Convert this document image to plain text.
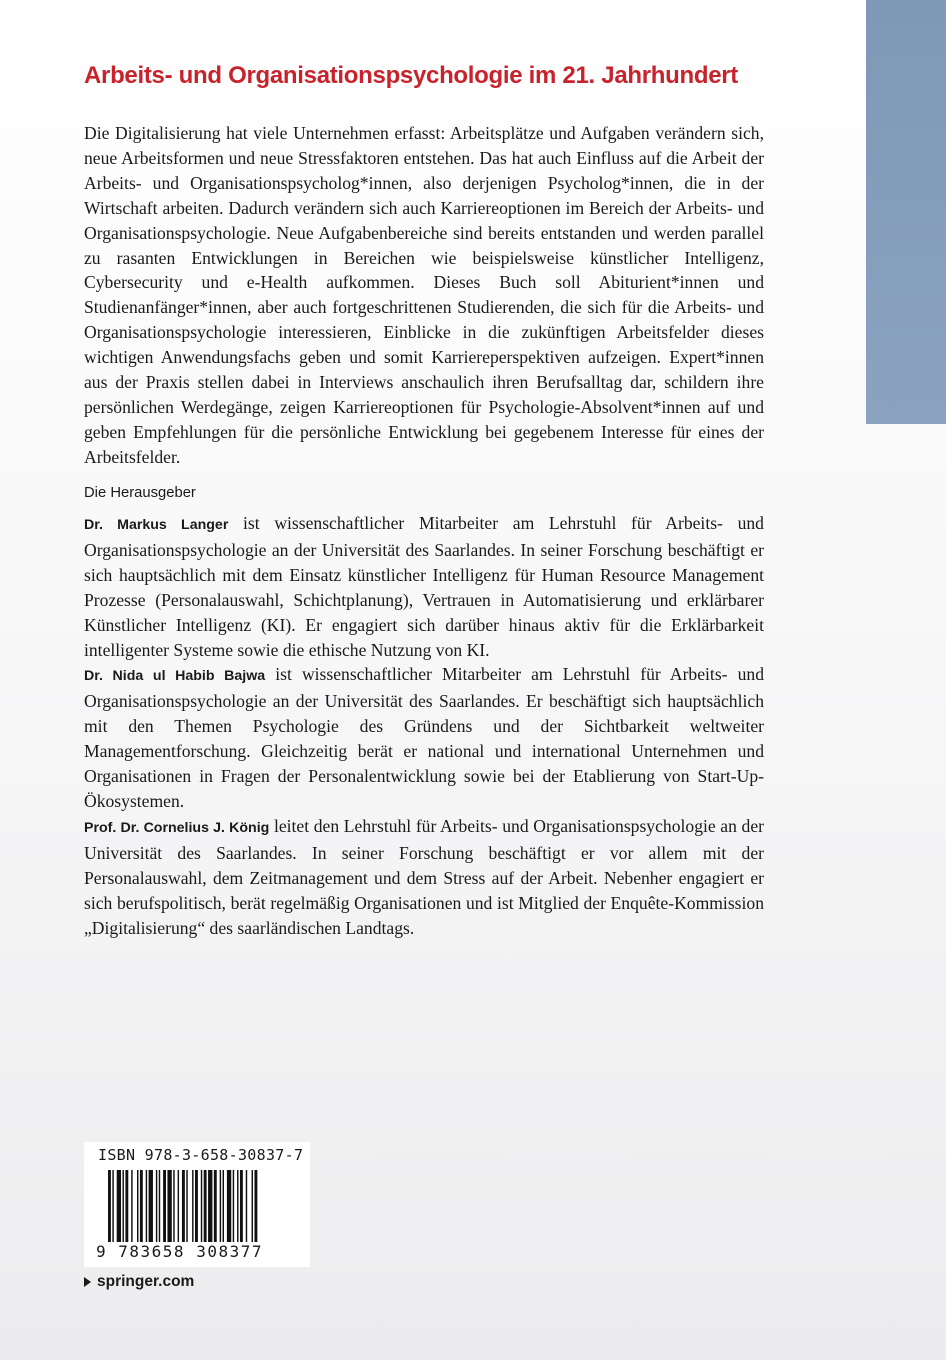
Arbeits- und Organisationspsychologie im 21. Jahrhundert

Die Digitalisierung hat viele Unternehmen erfasst: Arbeitsplätze und Aufgaben verändern sich, neue Arbeitsformen und neue Stressfaktoren entstehen. Das hat auch Einfluss auf die Arbeit der Arbeits- und Organisationspsycholog*innen, also derjenigen Psycholog*innen, die in der Wirtschaft arbeiten. Dadurch verändern sich auch Karriereoptionen im Bereich der Arbeits- und Organisationspsychologie. Neue Aufgabenbereiche sind bereits entstanden und werden parallel zu rasanten Entwicklungen in Bereichen wie beispielsweise künstlicher Intelligenz, Cybersecurity und e-Health aufkommen. Dieses Buch soll Abiturient*innen und Studienanfänger*innen, aber auch fortgeschrittenen Studierenden, die sich für die Arbeits- und Organisationspsychologie interessieren, Einblicke in die zukünftigen Arbeitsfelder dieses wichtigen Anwendungsfachs geben und somit Karriereperspektiven aufzeigen. Expert*innen aus der Praxis stellen dabei in Interviews anschaulich ihren Berufsalltag dar, schildern ihre persönlichen Werdegänge, zeigen Karriereoptionen für Psychologie-Absolvent*innen auf und geben Empfehlungen für die persönliche Entwicklung bei gegebenem Interesse für eines der Arbeitsfelder.

Die Herausgeber

Dr. Markus Langer ist wissenschaftlicher Mitarbeiter am Lehrstuhl für Arbeits- und Organisationspsychologie an der Universität des Saarlandes. In seiner Forschung beschäftigt er sich hauptsächlich mit dem Einsatz künstlicher Intelligenz für Human Resource Management Prozesse (Personalauswahl, Schichtplanung), Vertrauen in Automatisierung und erklärbarer Künstlicher Intelligenz (KI). Er engagiert sich darüber hinaus aktiv für die Erklärbarkeit intelligenter Systeme sowie die ethische Nutzung von KI.

Dr. Nida ul Habib Bajwa ist wissenschaftlicher Mitarbeiter am Lehrstuhl für Arbeits- und Organisationspsychologie an der Universität des Saarlandes. Er beschäftigt sich hauptsächlich mit den Themen Psychologie des Gründens und der Sichtbarkeit weltweiter Managementforschung. Gleichzeitig berät er national und international Unternehmen und Organisationen in Fragen der Personalentwicklung sowie bei der Etablierung von Start-Up-Ökosystemen.

Prof. Dr. Cornelius J. König leitet den Lehrstuhl für Arbeits- und Organisationspsychologie an der Universität des Saarlandes. In seiner Forschung beschäftigt er vor allem mit der Personalauswahl, dem Zeitmanagement und dem Stress auf der Arbeit. Nebenher engagiert er sich berufspolitisch, berät regelmäßig Organisationen und ist Mitglied der Enquête-Kommission „Digitalisierung“ des saarländischen Landtags.

ISBN 978-3-658-30837-7
9 783658 308377
springer.com
